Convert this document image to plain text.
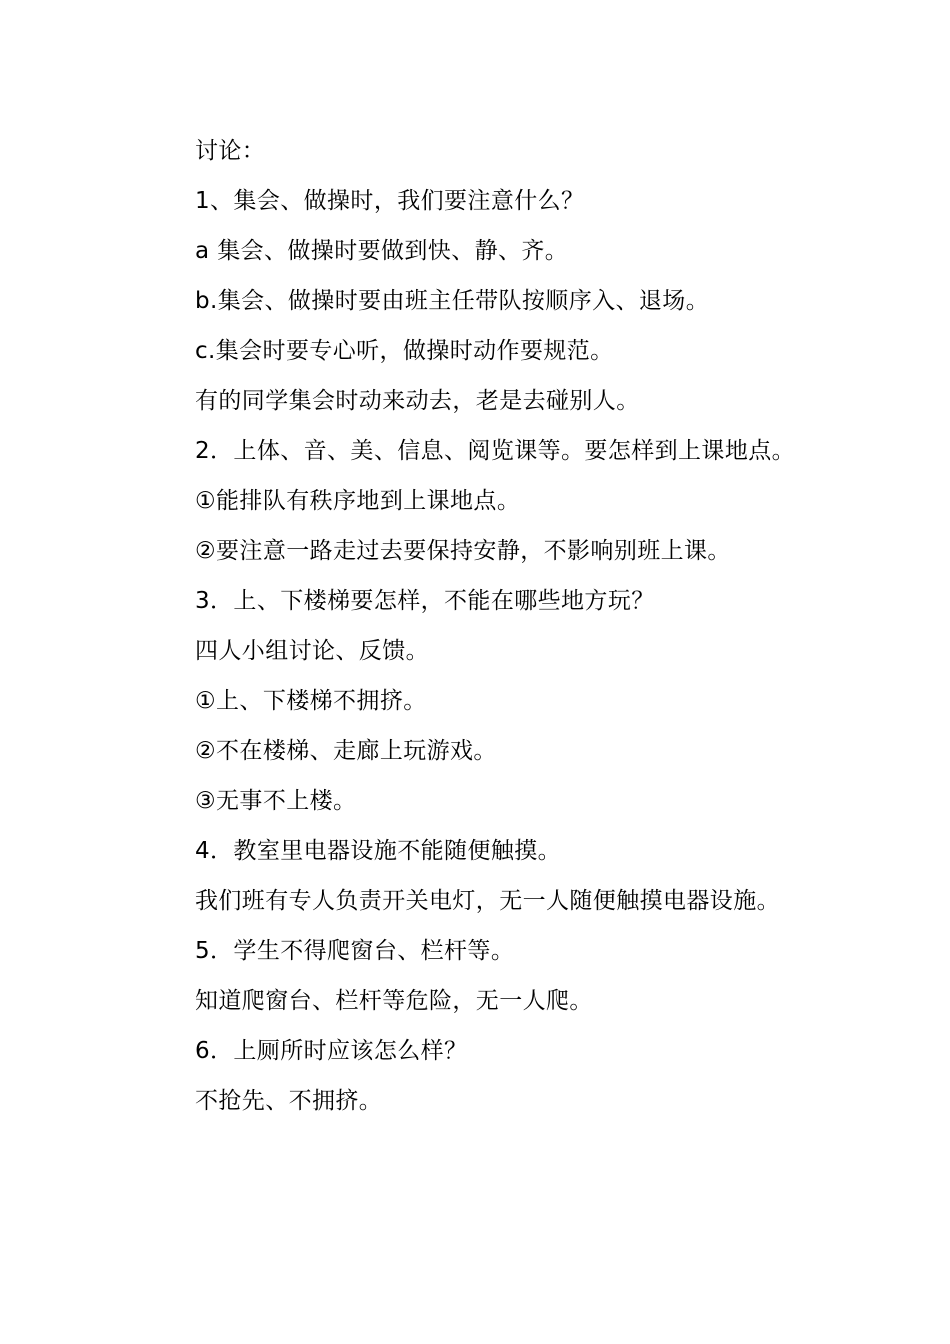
讨论：

1、集会、做操时，我们要注意什么？

a 集会、做操时要做到快、静、齐。

b.集会、做操时要由班主任带队按顺序入、退场。

c.集会时要专心听，做操时动作要规范。

有的同学集会时动来动去，老是去碰别人。

2．上体、音、美、信息、阅览课等。要怎样到上课地点。

①能排队有秩序地到上课地点。

②要注意一路走过去要保持安静，不影响别班上课。

3．上、下楼梯要怎样，不能在哪些地方玩？

四人小组讨论、反馈。

①上、下楼梯不拥挤。

②不在楼梯、走廊上玩游戏。

③无事不上楼。

4．教室里电器设施不能随便触摸。

我们班有专人负责开关电灯，无一人随便触摸电器设施。

5．学生不得爬窗台、栏杆等。

知道爬窗台、栏杆等危险，无一人爬。

6．上厕所时应该怎么样？

不抢先、不拥挤。
